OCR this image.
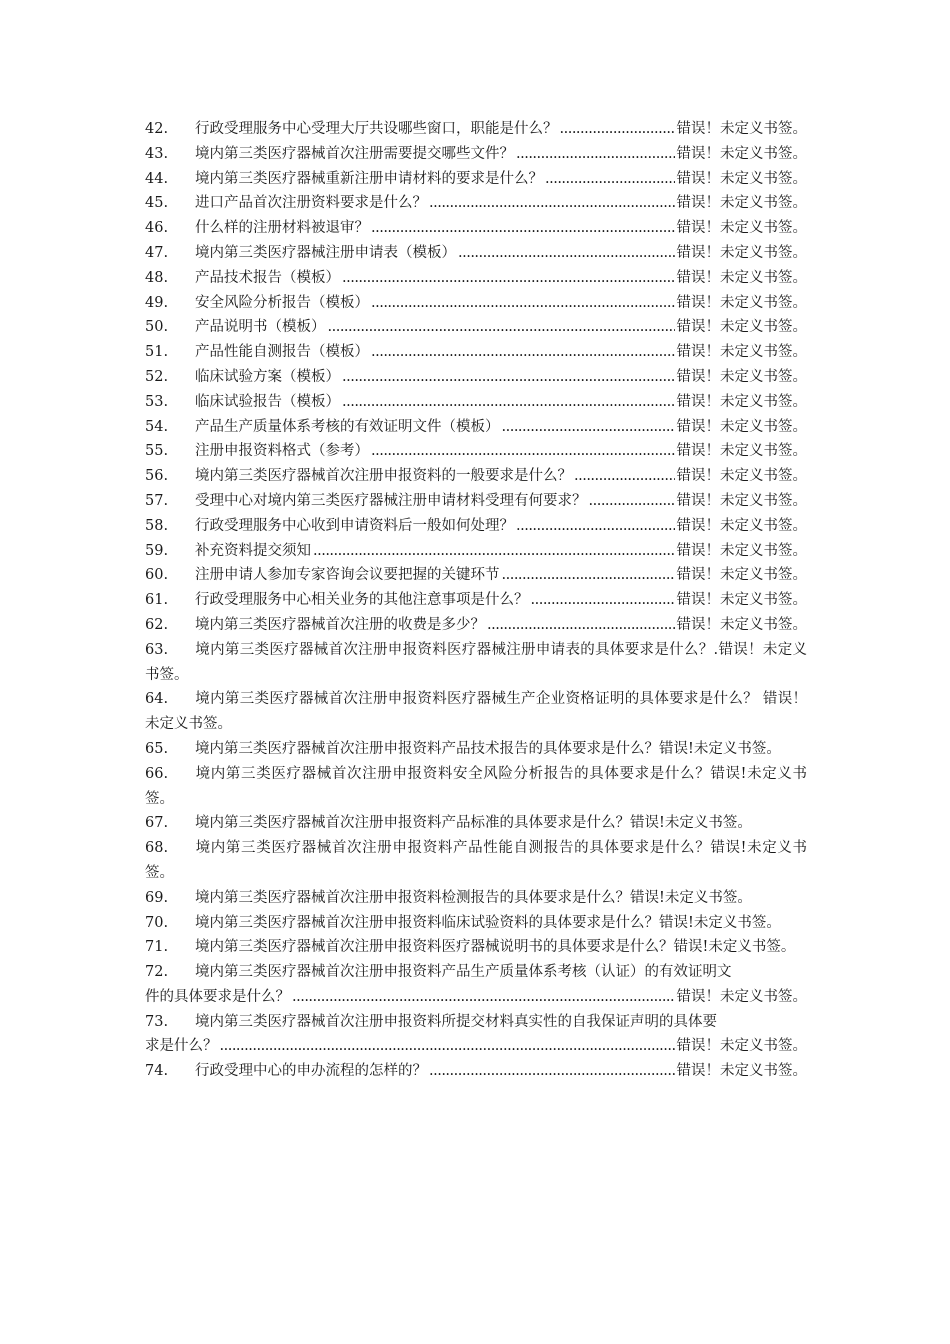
42.	行政受理服务中心受理大厅共设哪些窗口，职能是什么？ .....	错误！未定义书签。
43.	境内第三类医疗器械首次注册需要提交哪些文件？ .....	错误！未定义书签。
44.	境内第三类医疗器械重新注册申请材料的要求是什么？ .....	错误！未定义书签。
45.	进口产品首次注册资料要求是什么？ .....	错误！未定义书签。
46.	什么样的注册材料被退审？ .....	错误！未定义书签。
47.	境内第三类医疗器械注册申请表（模板） .....	错误！未定义书签。
48.	产品技术报告（模板） .....	错误！未定义书签。
49.	安全风险分析报告（模板） .....	错误！未定义书签。
50.	产品说明书（模板） .....	错误！未定义书签。
51.	产品性能自测报告（模板） .....	错误！未定义书签。
52.	临床试验方案（模板） .....	错误！未定义书签。
53.	临床试验报告（模板） .....	错误！未定义书签。
54.	产品生产质量体系考核的有效证明文件（模板） .....	错误！未定义书签。
55.	注册申报资料格式（参考） .....	错误！未定义书签。
56.	境内第三类医疗器械首次注册申报资料的一般要求是什么？ .....	错误！未定义书签。
57.	受理中心对境内第三类医疗器械注册申请材料受理有何要求？ .....	错误！未定义书签。
58.	行政受理服务中心收到申请资料后一般如何处理？ .....	错误！未定义书签。
59.	补充资料提交须知 .....	错误！未定义书签。
60.	注册申请人参加专家咨询会议要把握的关键环节 .....	错误！未定义书签。
61.	行政受理服务中心相关业务的其他注意事项是什么？ .....	错误！未定义书签。
62.	境内第三类医疗器械首次注册的收费是多少？ .....	错误！未定义书签。
63. 境内第三类医疗器械首次注册申报资料医疗器械注册申请表的具体要求是什么？.错误！未定义书签。
64. 境内第三类医疗器械首次注册申报资料医疗器械生产企业资格证明的具体要求是什么？ 错误！未定义书签。
65. 境内第三类医疗器械首次注册申报资料产品技术报告的具体要求是什么？错误!未定义书签。
66. 境内第三类医疗器械首次注册申报资料安全风险分析报告的具体要求是什么？错误!未定义书签。
67. 境内第三类医疗器械首次注册申报资料产品标准的具体要求是什么？错误!未定义书签。
68. 境内第三类医疗器械首次注册申报资料产品性能自测报告的具体要求是什么？错误!未定义书签。
69. 境内第三类医疗器械首次注册申报资料检测报告的具体要求是什么？错误!未定义书签。
70. 境内第三类医疗器械首次注册申报资料临床试验资料的具体要求是什么？错误!未定义书签。
71. 境内第三类医疗器械首次注册申报资料医疗器械说明书的具体要求是什么？错误!未定义书签。
72.	境内第三类医疗器械首次注册申报资料产品生产质量体系考核（认证）的有效证明文
件的具体要求是什么？ .....	错误！未定义书签。
73.	境内第三类医疗器械首次注册申报资料所提交材料真实性的自我保证声明的具体要
求是什么？ .....	错误！未定义书签。
74.	行政受理中心的申办流程的怎样的？ .....	错误！未定义书签。
